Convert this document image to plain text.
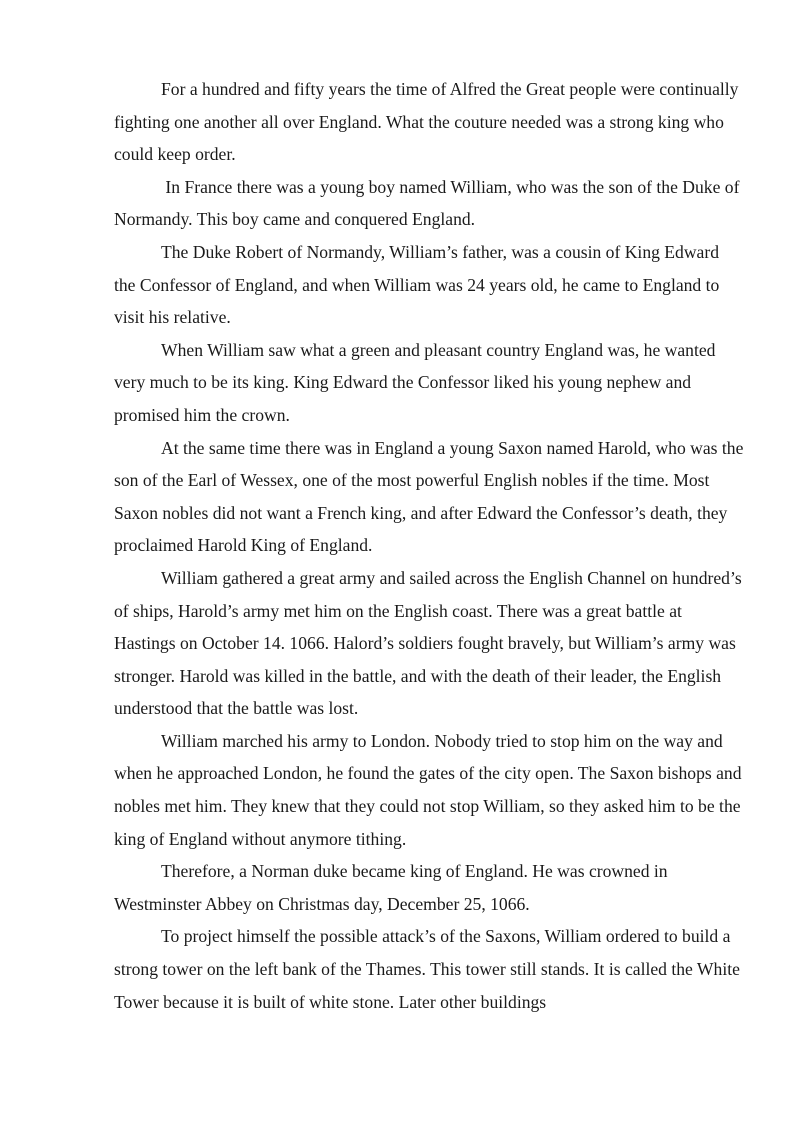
For a hundred and fifty years the time of Alfred the Great people were continually fighting one another all over England. What the couture needed was a strong king who could keep order.

In France there was a young boy named William, who was the son of the Duke of Normandy. This boy came and conquered England.

The Duke Robert of Normandy, William’s father, was a cousin of King Edward the Confessor of England, and when William was 24 years old, he came to England to visit his relative.

When William saw what a green and pleasant country England was, he wanted very much to be its king. King Edward the Confessor liked his young nephew and promised him the crown.

At the same time there was in England a young Saxon named Harold, who was the son of the Earl of Wessex, one of the most powerful English nobles if the time. Most Saxon nobles did not want a French king, and after Edward the Confessor’s death, they proclaimed Harold King of England.

William gathered a great army and sailed across the English Channel on hundred’s of ships, Harold’s army met him on the English coast. There was a great battle at Hastings on October 14. 1066. Halord’s soldiers fought bravely, but William’s army was stronger. Harold was killed in the battle, and with the death of their leader, the English understood that the battle was lost.

William marched his army to London. Nobody tried to stop him on the way and when he approached London, he found the gates of the city open. The Saxon bishops and nobles met him. They knew that they could not stop William, so they asked him to be the king of England without anymore tithing.

Therefore, a Norman duke became king of England. He was crowned in Westminster Abbey on Christmas day, December 25, 1066.

To project himself the possible attack’s of the Saxons, William ordered to build a strong tower on the left bank of the Thames. This tower still stands. It is called the White Tower because it is built of white stone. Later other buildings
